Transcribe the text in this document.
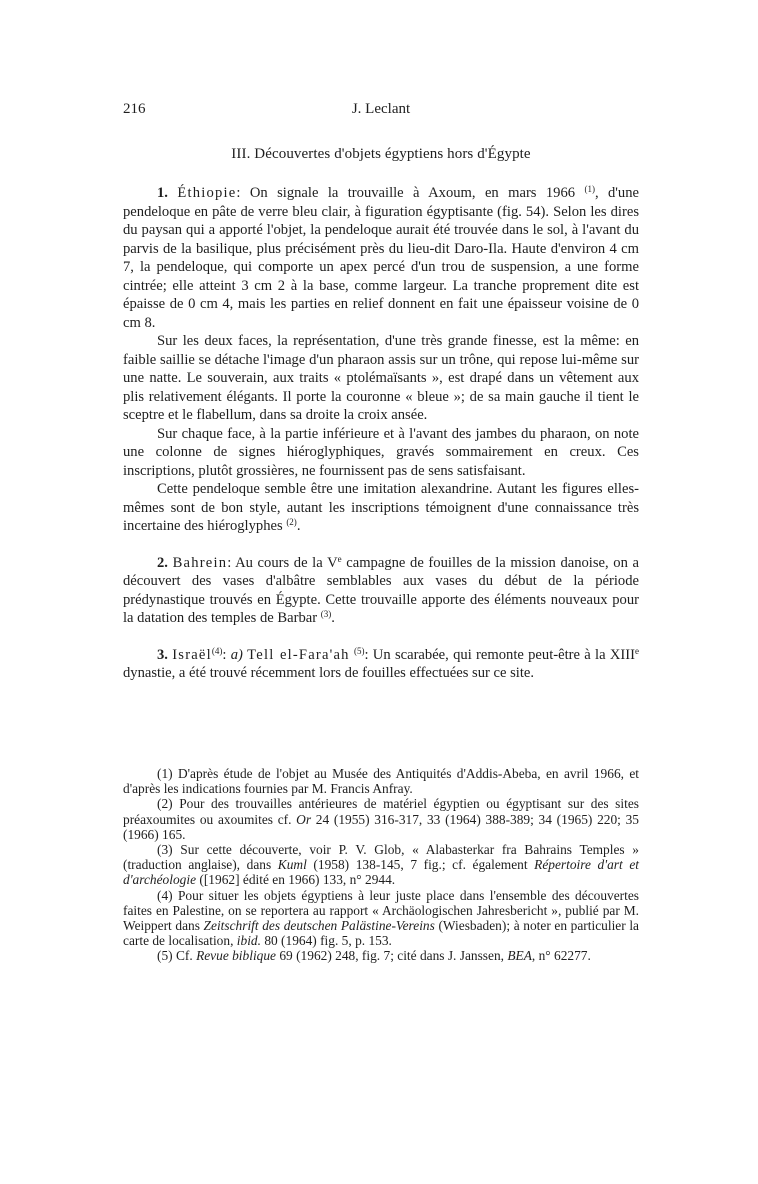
216	J. Leclant
III. Découvertes d'objets égyptiens hors d'Égypte

1. Éthiopie: On signale la trouvaille à Axoum, en mars 1966 $^{(1)}$, d'une pendeloque en pâte de verre bleu clair, à figuration égyptisante (fig. 54). Selon les dires du paysan qui a apporté l'objet, la pendeloque aurait été trouvée dans le sol, à l'avant du parvis de la basilique, plus précisément près du lieu-dit Daro-Ila. Haute d'environ 4 cm 7, la pendeloque, qui comporte un apex percé d'un trou de suspension, a une forme cintrée; elle atteint 3 cm 2 à la base, comme largeur. La tranche proprement dite est épaisse de 0 cm 4, mais les parties en relief donnent en fait une épaisseur voisine de 0 cm 8.

Sur les deux faces, la représentation, d'une très grande finesse, est la même: en faible saillie se détache l'image d'un pharaon assis sur un trône, qui repose lui-même sur une natte. Le souverain, aux traits « ptolémaïsants », est drapé dans un vêtement aux plis relativement élégants. Il porte la couronne « bleue »; de sa main gauche il tient le sceptre et le flabellum, dans sa droite la croix ansée.

Sur chaque face, à la partie inférieure et à l'avant des jambes du pharaon, on note une colonne de signes hiéroglyphiques, gravés sommairement en creux. Ces inscriptions, plutôt grossières, ne fournissent pas de sens satisfaisant.

Cette pendeloque semble être une imitation alexandrine. Autant les figures elles-mêmes sont de bon style, autant les inscriptions témoignent d'une connaissance très incertaine des hiéroglyphes $^{(2)}$.

2. Bahrein: Au cours de la Ve campagne de fouilles de la mission danoise, on a découvert des vases d'albâtre semblables aux vases du début de la période prédynastique trouvés en Égypte. Cette trouvaille apporte des éléments nouveaux pour la datation des temples de Barbar $^{(3)}$.

3. Israël$^{(4)}$: a) Tell el-Fara'ah $^{(5)}$: Un scarabée, qui remonte peut-être à la XIIIe dynastie, a été trouvé récemment lors de fouilles effectuées sur ce site.

(1) D'après étude de l'objet au Musée des Antiquités d'Addis-Abeba, en avril 1966, et d'après les indications fournies par M. Francis Anfray.

(2) Pour des trouvailles antérieures de matériel égyptien ou égyptisant sur des sites préaxoumites ou axoumites cf. Or 24 (1955) 316-317, 33 (1964) 388-389; 34 (1965) 220; 35 (1966) 165.

(3) Sur cette découverte, voir P. V. Glob, « Alabasterkar fra Bahrains Temples » (traduction anglaise), dans Kuml (1958) 138-145, 7 fig.; cf. également Répertoire d'art et d'archéologie ([1962] édité en 1966) 133, n° 2944.

(4) Pour situer les objets égyptiens à leur juste place dans l'ensemble des découvertes faites en Palestine, on se reportera au rapport « Archäologischen Jahresbericht », publié par M. Weippert dans Zeitschrift des deutschen Palästine-Vereins (Wiesbaden); à noter en particulier la carte de localisation, ibid. 80 (1964) fig. 5, p. 153.

(5) Cf. Revue biblique 69 (1962) 248, fig. 7; cité dans J. Janssen, BEA, n° 62277.
